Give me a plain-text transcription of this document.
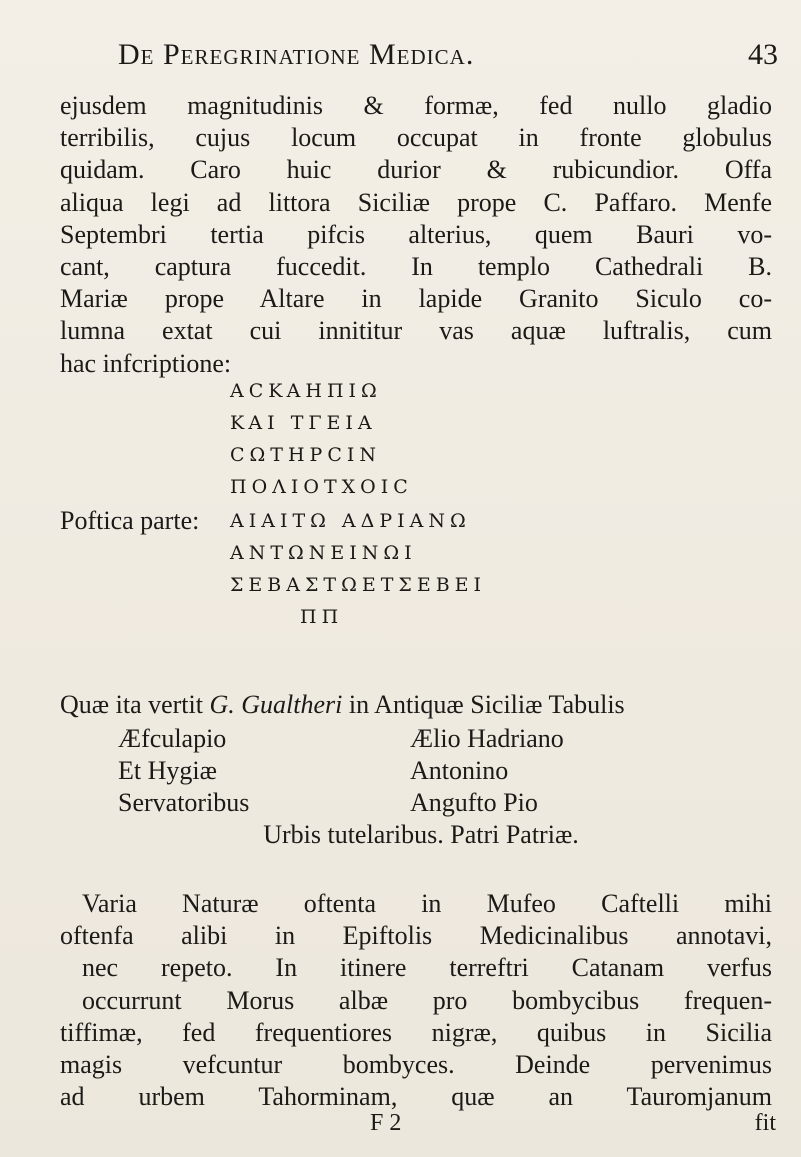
De Peregrinatione Medica.	43
ejusdem magnitudinis & formæ, fed nullo gladio
terribilis, cujus locum occupat in fronte globulus
quidam. Caro huic durior & rubicundior. Offa
aliqua legi ad littora Siciliæ prope C. Paffaro. Menfe
Septembri tertia pifcis alterius, quem Bauri vo-
cant, captura fuccedit. In templo Cathedrali B.
Mariæ prope Altare in lapide Granito Siculo co-
lumna extat cui innititur vas aquæ luftralis, cum
hac infcriptione:
ACKAHΠIΩ
KAI ΤΓΕΙΑ
CΩTHPCIN
ΠΟΛΙΟΤΧΟΙC
Poftica parte: AIAIΤΩ AΔPIANΩ
ANTΩNEINΩI
ΣEBAΣTΩETΣEBEI
ΠΠ
Quæ ita vertit G. Gualtheri in Antiquæ Siciliæ Tabulis
Æfculapio	Ælio Hadriano
Et Hygiæ	Antonino
Servatoribus	Angufto Pio
Urbis tutelaribus. Patri Patriæ.
Varia Naturæ oftenta in Mufeo Caftelli mihi
oftenfa alibi in Epiftolis Medicinalibus annotavi,
nec repeto. In itinere terreftri Catanam verfus
occurrunt Morus albæ pro bombycibus frequen-
tiffimæ, fed frequentiores nigræ, quibus in Sicilia
magis vefcuntur bombyces. Deinde pervenimus
ad urbem Tahorminam, quæ an Tauromjanum
F 2	fit
